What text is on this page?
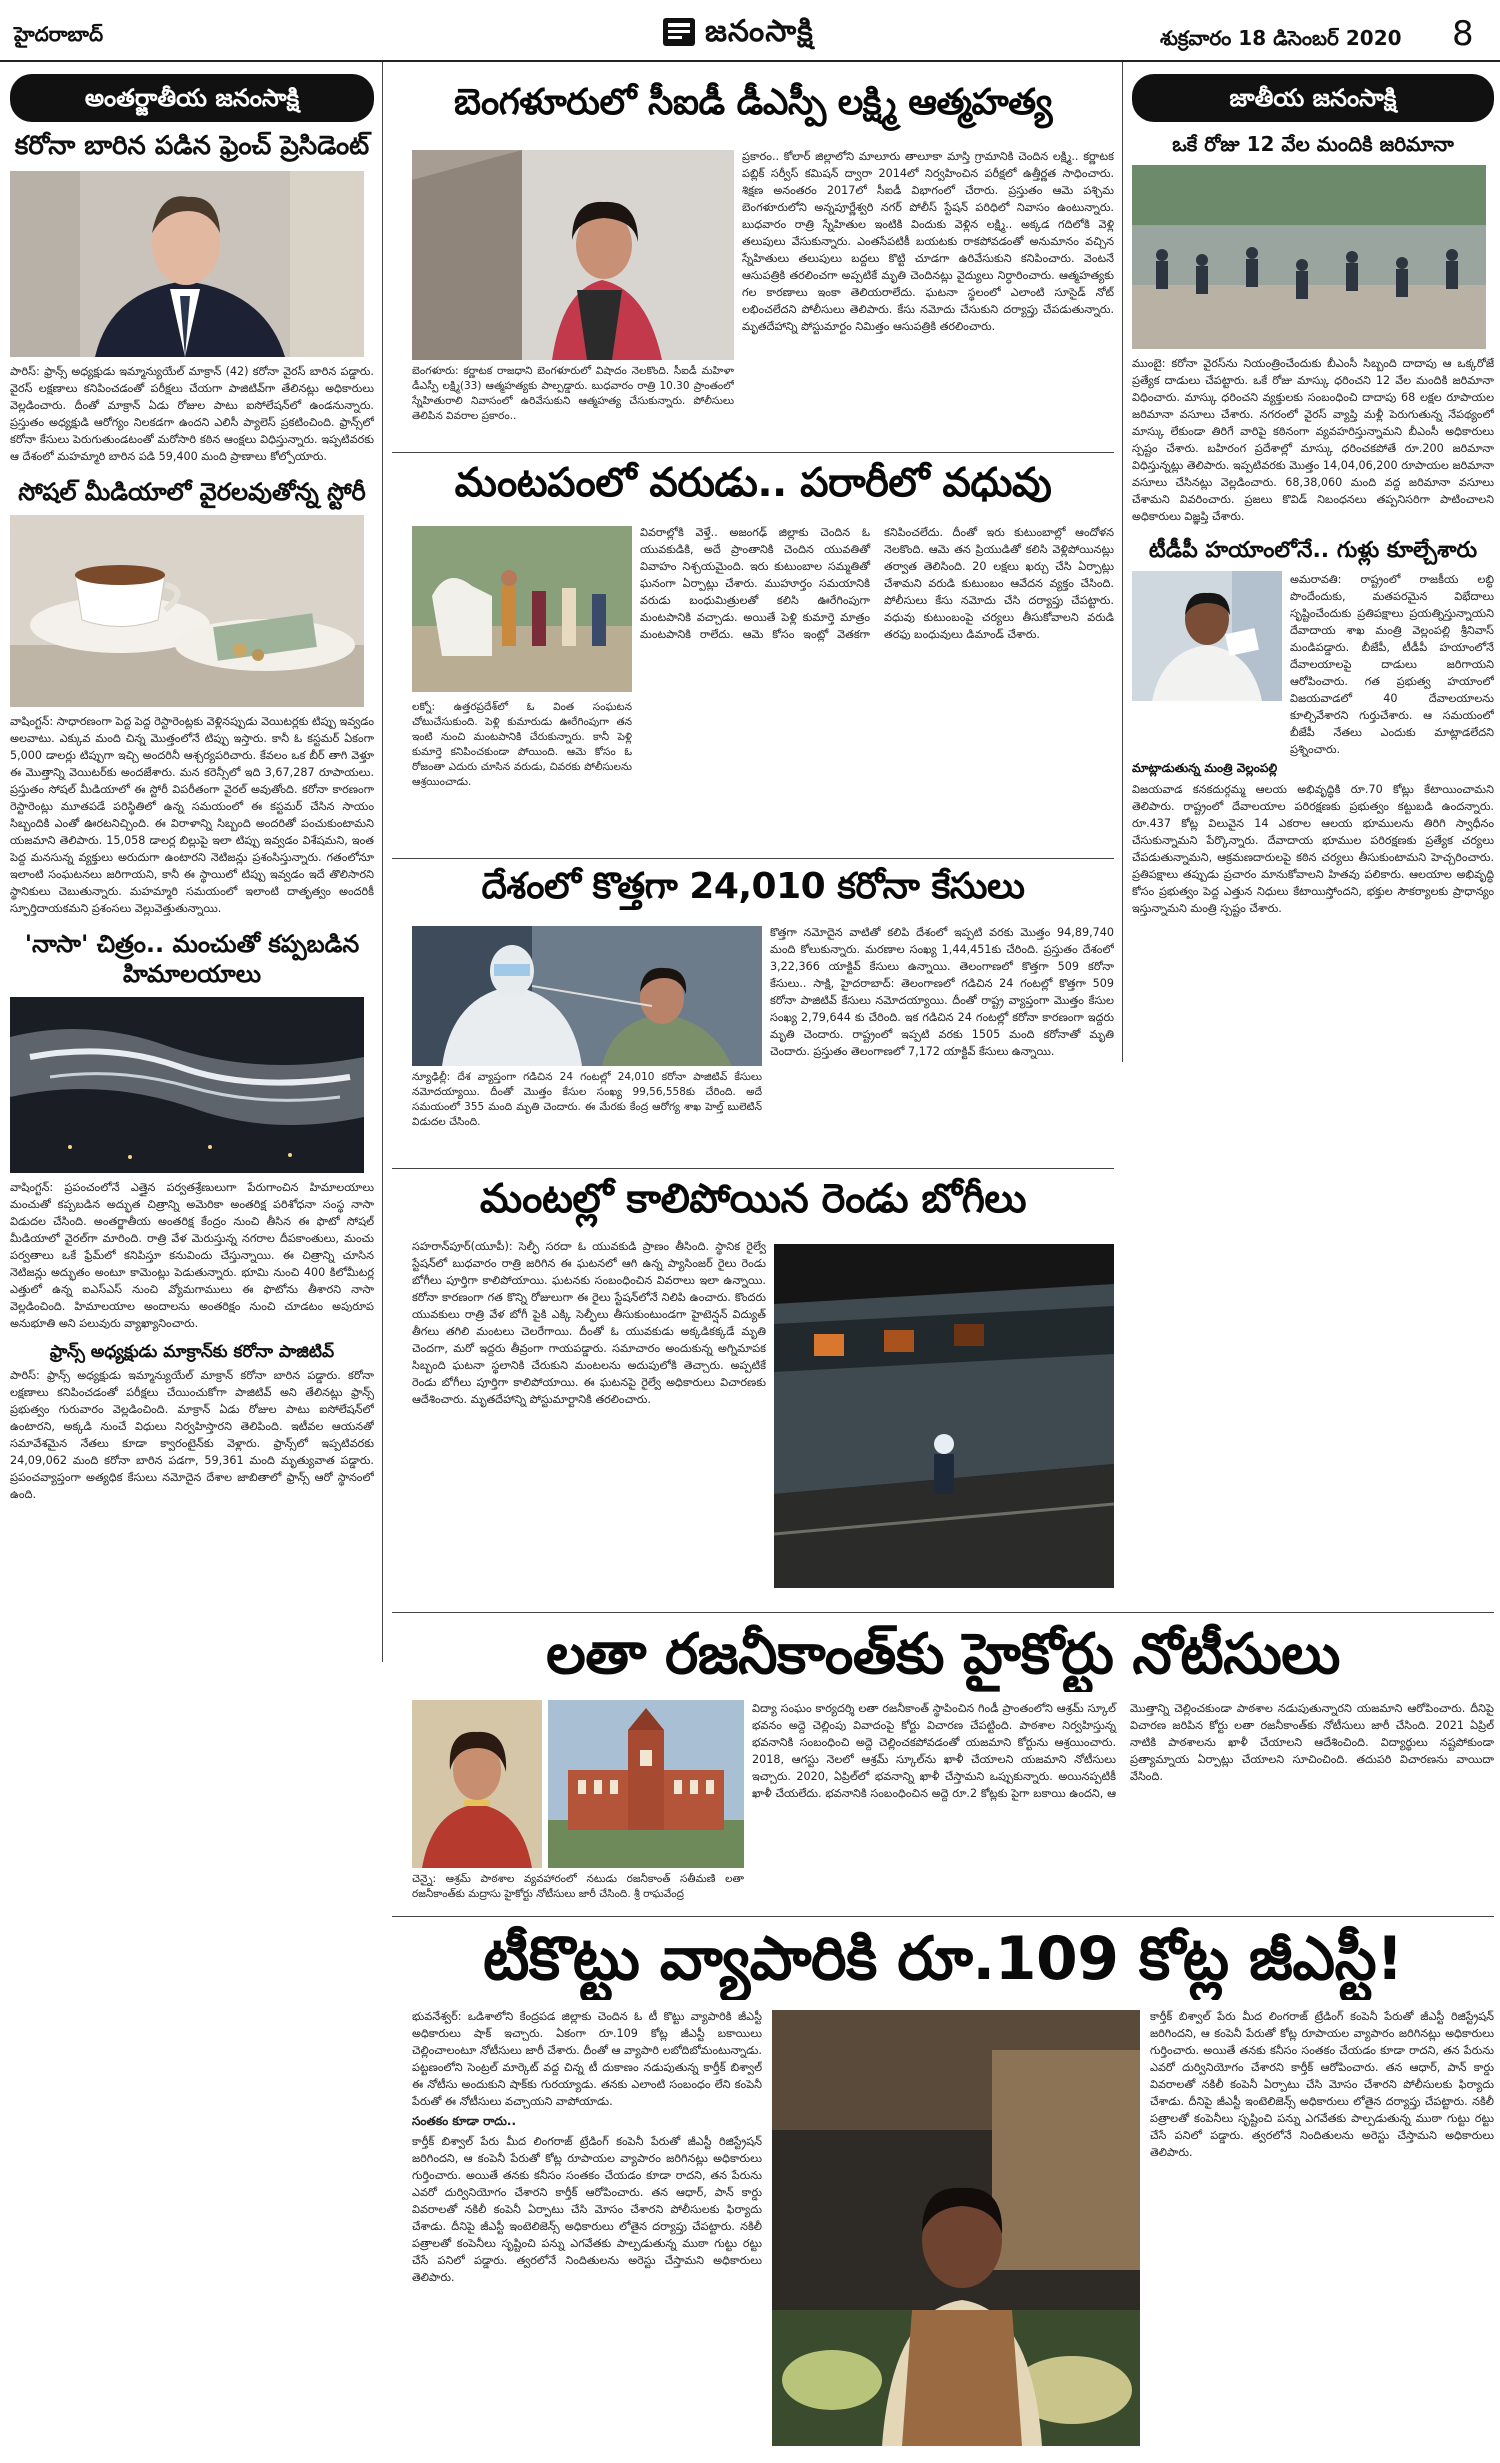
హైదరాబాద్	జనంసాక్షి	శుక్రవారం 18 డిసెంబర్ 2020 8
అంతర్జాతీయ జనంసాక్షి
కరోనా బారిన పడిన ఫ్రెంచ్ ప్రెసిడెంట్
పారిస్‌: ఫ్రాన్స్‌ అధ్యక్షుడు ఇమ్మాన్యుయేల్‌ మాక్రాన్‌ (42) కరోనా వైరస్‌ బారిన పడ్డారు. వైరస్‌ లక్షణాలు కనిపించడంతో పరీక్షలు చేయగా పాజిటివ్‌గా తేలినట్లు అధికారులు వెల్లడించారు. దీంతో మాక్రాన్‌ ఏడు రోజుల పాటు ఐసోలేషన్‌లో ఉండనున్నారు. ప్రస్తుతం అధ్యక్షుడి ఆరోగ్యం నిలకడగా ఉందని ఎలిసీ ప్యాలెస్‌ ప్రకటించింది. ఫ్రాన్స్‌లో కరోనా కేసులు పెరుగుతుండటంతో మరోసారి కఠిన ఆంక్షలు విధిస్తున్నారు. ఇప్పటివరకు ఆ దేశంలో మహమ్మారి బారిన పడి 59,400 మంది ప్రాణాలు కోల్పోయారు.
సోషల్ మీడియాలో వైరలవుతోన్న స్టోరీ
వాషింగ్టన్‌: సాధారణంగా పెద్ద పెద్ద రెస్టారెంట్లకు వెళ్లినప్పుడు వెయిటర్లకు టిప్పు ఇవ్వడం అలవాటు. ఎక్కువ మంది చిన్న మొత్తంలోనే టిప్పు ఇస్తారు. కానీ ఓ కస్టమర్‌ ఏకంగా 5,000 డాలర్లు టిప్పుగా ఇచ్చి అందరినీ ఆశ్చర్యపరిచారు. కేవలం ఒక బీర్‌ తాగి వెళ్తూ ఈ మొత్తాన్ని వెయిటర్‌కు అందజేశారు. మన కరెన్సీలో ఇది 3,67,287 రూపాయలు. ప్రస్తుతం సోషల్‌ మీడియాలో ఈ స్టోరీ విపరీతంగా వైరల్‌ అవుతోంది. కరోనా కారణంగా రెస్టారెంట్లు మూతపడే పరిస్థితిలో ఉన్న సమయంలో ఈ కస్టమర్‌ చేసిన సాయం సిబ్బందికి ఎంతో ఊరటనిచ్చింది. ఈ విరాళాన్ని సిబ్బంది అందరితో పంచుకుంటామని యజమాని తెలిపారు. 15,058 డాలర్ల బిల్లుపై ఇలా టిప్పు ఇవ్వడం విశేషమని, ఇంత పెద్ద మనసున్న వ్యక్తులు అరుదుగా ఉంటారని నెటిజన్లు ప్రశంసిస్తున్నారు. గతంలోనూ ఇలాంటి సంఘటనలు జరిగాయని, కానీ ఈ స్థాయిలో టిప్పు ఇవ్వడం ఇదే తొలిసారని స్థానికులు చెబుతున్నారు. మహమ్మారి సమయంలో ఇలాంటి దాతృత్వం అందరికీ స్ఫూర్తిదాయకమని ప్రశంసలు వెల్లువెత్తుతున్నాయి.
'నాసా' చిత్రం.. మంచుతో కప్పబడిన హిమాలయాలు
వాషింగ్టన్‌: ప్రపంచంలోనే ఎత్తైన పర్వతశ్రేణులుగా పేరుగాంచిన హిమాలయాలు మంచుతో కప్పబడిన అద్భుత చిత్రాన్ని అమెరికా అంతరిక్ష పరిశోధనా సంస్థ నాసా విడుదల చేసింది. అంతర్జాతీయ అంతరిక్ష కేంద్రం నుంచి తీసిన ఈ ఫొటో సోషల్‌ మీడియాలో వైరల్‌గా మారింది. రాత్రి వేళ మెరుస్తున్న నగరాల దీపకాంతులు, మంచు పర్వతాలు ఒకే ఫ్రేమ్‌లో కనిపిస్తూ కనువిందు చేస్తున్నాయి. ఈ చిత్రాన్ని చూసిన నెటిజన్లు అద్భుతం అంటూ కామెంట్లు పెడుతున్నారు. భూమి నుంచి 400 కిలోమీటర్ల ఎత్తులో ఉన్న ఐఎస్‌ఎస్‌ నుంచి వ్యోమగాములు ఈ ఫొటోను తీశారని నాసా వెల్లడించింది. హిమాలయాల అందాలను అంతరిక్షం నుంచి చూడటం అపురూప అనుభూతి అని పలువురు వ్యాఖ్యానించారు.
ఫ్రాన్స్ అధ్యక్షుడు మాక్రాన్‌కు కరోనా పాజిటివ్
పారిస్‌: ఫ్రాన్స్‌ అధ్యక్షుడు ఇమ్మాన్యుయేల్‌ మాక్రాన్‌ కరోనా బారిన పడ్డారు. కరోనా లక్షణాలు కనిపించడంతో పరీక్షలు చేయించుకోగా పాజిటివ్‌ అని తేలినట్లు ఫ్రాన్స్‌ ప్రభుత్వం గురువారం వెల్లడించింది. మాక్రాన్‌ ఏడు రోజుల పాటు ఐసోలేషన్‌లో ఉంటారని, అక్కడి నుంచే విధులు నిర్వహిస్తారని తెలిపింది. ఇటీవల ఆయనతో సమావేశమైన నేతలు కూడా క్వారంటైన్‌కు వెళ్లారు. ఫ్రాన్స్‌లో ఇప్పటివరకు 24,09,062 మంది కరోనా బారిన పడగా, 59,361 మంది మృత్యువాత పడ్డారు. ప్రపంచవ్యాప్తంగా అత్యధిక కేసులు నమోదైన దేశాల జాబితాలో ఫ్రాన్స్‌ ఆరో స్థానంలో ఉంది.
బెంగళూరులో సీఐడీ డీఎస్పీ లక్ష్మి ఆత్మహత్య
బెంగళూరు: కర్ణాటక రాజధాని బెంగళూరులో విషాదం నెలకొంది. సీఐడీ మహిళా డీఎస్పీ లక్ష్మి(33) ఆత్మహత్యకు పాల్పడ్డారు. బుధవారం రాత్రి 10.30 ప్రాంతంలో స్నేహితురాలి నివాసంలో ఉరివేసుకుని ఆత్మహత్య చేసుకున్నారు. పోలీసులు తెలిపిన వివరాల ప్రకారం..
ప్రకారం.. కోలార్‌ జిల్లాలోని మాలూరు తాలూకా మాస్తి గ్రామానికి చెందిన లక్ష్మి.. కర్ణాటక పబ్లిక్‌ సర్వీస్‌ కమిషన్‌ ద్వారా 2014లో నిర్వహించిన పరీక్షలో ఉత్తీర్ణత సాధించారు. శిక్షణ అనంతరం 2017లో సీఐడీ విభాగంలో చేరారు. ప్రస్తుతం ఆమె పశ్చిమ బెంగళూరులోని అన్నపూర్ణేశ్వరి నగర్‌ పోలీస్‌ స్టేషన్‌ పరిధిలో నివాసం ఉంటున్నారు. బుధవారం రాత్రి స్నేహితుల ఇంటికి విందుకు వెళ్లిన లక్ష్మి.. అక్కడ గదిలోకి వెళ్లి తలుపులు వేసుకున్నారు. ఎంతసేపటికీ బయటకు రాకపోవడంతో అనుమానం వచ్చిన స్నేహితులు తలుపులు బద్దలు కొట్టి చూడగా ఉరివేసుకుని కనిపించారు. వెంటనే ఆసుపత్రికి తరలించగా అప్పటికే మృతి చెందినట్లు వైద్యులు నిర్ధారించారు. ఆత్మహత్యకు గల కారణాలు ఇంకా తెలియరాలేదు. ఘటనా స్థలంలో ఎలాంటి సూసైడ్‌ నోట్‌ లభించలేదని పోలీసులు తెలిపారు. కేసు నమోదు చేసుకుని దర్యాప్తు చేపడుతున్నారు. మృతదేహాన్ని పోస్టుమార్టం నిమిత్తం ఆసుపత్రికి తరలించారు.
మంటపంలో వరుడు.. పరారీలో వధువు
లక్నో: ఉత్తరప్రదేశ్‌లో ఓ వింత సంఘటన చోటుచేసుకుంది. పెళ్లి కుమారుడు ఊరేగింపుగా తన ఇంటి నుంచి మంటపానికి చేరుకున్నారు. కానీ పెళ్లి కుమార్తె కనిపించకుండా పోయింది. ఆమె కోసం ఓ రోజంతా ఎదురు చూసిన వరుడు, చివరకు పోలీసులను ఆశ్రయించాడు.
వివరాల్లోకి వెళ్తే.. అజంగఢ్‌ జిల్లాకు చెందిన ఓ యువకుడికి, అదే ప్రాంతానికి చెందిన యువతితో వివాహం నిశ్చయమైంది. ఇరు కుటుంబాల సమ్మతితో ఘనంగా ఏర్పాట్లు చేశారు. ముహూర్తం సమయానికి వరుడు బంధుమిత్రులతో కలిసి ఊరేగింపుగా మంటపానికి వచ్చాడు. అయితే పెళ్లి కుమార్తె మాత్రం మంటపానికి రాలేదు. ఆమె కోసం ఇంట్లో వెతకగా కనిపించలేదు. దీంతో ఇరు కుటుంబాల్లో ఆందోళన నెలకొంది. ఆమె తన ప్రియుడితో కలిసి వెళ్లిపోయినట్లు తర్వాత తెలిసింది. 20 లక్షలు ఖర్చు చేసి ఏర్పాట్లు చేశామని వరుడి కుటుంబం ఆవేదన వ్యక్తం చేసింది. పోలీసులు కేసు నమోదు చేసి దర్యాప్తు చేపట్టారు. వధువు కుటుంబంపై చర్యలు తీసుకోవాలని వరుడి తరఫు బంధువులు డిమాండ్‌ చేశారు.
దేశంలో కొత్తగా 24,010 కరోనా కేసులు
న్యూఢిల్లీ: దేశ వ్యాప్తంగా గడిచిన 24 గంటల్లో 24,010 కరోనా పాజిటివ్‌ కేసులు నమోదయ్యాయి. దీంతో మొత్తం కేసుల సంఖ్య 99,56,558కు చేరింది. అదే సమయంలో 355 మంది మృతి చెందారు. ఈ మేరకు కేంద్ర ఆరోగ్య శాఖ హెల్త్‌ బులెటిన్‌ విడుదల చేసింది.
కొత్తగా నమోదైన వాటితో కలిపి దేశంలో ఇప్పటి వరకు మొత్తం 94,89,740 మంది కోలుకున్నారు. మరణాల సంఖ్య 1,44,451కు చేరింది. ప్రస్తుతం దేశంలో 3,22,366 యాక్టివ్‌ కేసులు ఉన్నాయి. తెలంగాణలో కొత్తగా 509 కరోనా కేసులు.. సాక్షి, హైదరాబాద్‌: తెలంగాణలో గడిచిన 24 గంటల్లో కొత్తగా 509 కరోనా పాజిటివ్‌ కేసులు నమోదయ్యాయి. దీంతో రాష్ట్ర వ్యాప్తంగా మొత్తం కేసుల సంఖ్య 2,79,644 కు చేరింది. ఇక గడిచిన 24 గంటల్లో కరోనా కారణంగా ఇద్దరు మృతి చెందారు. రాష్ట్రంలో ఇప్పటి వరకు 1505 మంది కరోనాతో మృతి చెందారు. ప్రస్తుతం తెలంగాణలో 7,172 యాక్టివ్‌ కేసులు ఉన్నాయి.
మంటల్లో కాలిపోయిన రెండు బోగీలు
సహరాన్‌పూర్‌(యూపీ): సెల్ఫీ సరదా ఓ యువకుడి ప్రాణం తీసింది. స్థానిక రైల్వే స్టేషన్‌లో బుధవారం రాత్రి జరిగిన ఈ ఘటనలో ఆగి ఉన్న ప్యాసింజర్‌ రైలు రెండు బోగీలు పూర్తిగా కాలిపోయాయి. ఘటనకు సంబంధించిన వివరాలు ఇలా ఉన్నాయి. కరోనా కారణంగా గత కొన్ని రోజులుగా ఈ రైలు స్టేషన్‌లోనే నిలిపి ఉంచారు. కొందరు యువకులు రాత్రి వేళ బోగీ పైకి ఎక్కి సెల్ఫీలు తీసుకుంటుండగా హైటెన్షన్‌ విద్యుత్‌ తీగలు తగిలి మంటలు చెలరేగాయి. దీంతో ఓ యువకుడు అక్కడికక్కడే మృతి చెందగా, మరో ఇద్దరు తీవ్రంగా గాయపడ్డారు. సమాచారం అందుకున్న అగ్నిమాపక సిబ్బంది ఘటనా స్థలానికి చేరుకుని మంటలను అదుపులోకి తెచ్చారు. అప్పటికే రెండు బోగీలు పూర్తిగా కాలిపోయాయి. ఈ ఘటనపై రైల్వే అధికారులు విచారణకు ఆదేశించారు. మృతదేహాన్ని పోస్టుమార్టానికి తరలించారు.
జాతీయ జనంసాక్షి
ఒకే రోజు 12 వేల మందికి జరిమానా
ముంబై: కరోనా వైరస్‌ను నియంత్రించేందుకు బీఎంసీ సిబ్బంది దాదాపు ఆ ఒక్కరోజే ప్రత్యేక దాడులు చేపట్టారు. ఒకే రోజు మాస్కు ధరించని 12 వేల మందికి జరిమానా విధించారు. మాస్కు ధరించని వ్యక్తులకు సంబంధించి దాదాపు 68 లక్షల రూపాయల జరిమానా వసూలు చేశారు. నగరంలో వైరస్‌ వ్యాప్తి మళ్లీ పెరుగుతున్న నేపథ్యంలో మాస్కు లేకుండా తిరిగే వారిపై కఠినంగా వ్యవహరిస్తున్నామని బీఎంసీ అధికారులు స్పష్టం చేశారు. బహిరంగ ప్రదేశాల్లో మాస్కు ధరించకపోతే రూ.200 జరిమానా విధిస్తున్నట్లు తెలిపారు. ఇప్పటివరకు మొత్తం 14,04,06,200 రూపాయల జరిమానా వసూలు చేసినట్లు వెల్లడించారు. 68,38,060 మంది వద్ద జరిమానా వసూలు చేశామని వివరించారు. ప్రజలు కొవిడ్‌ నిబంధనలు తప్పనిసరిగా పాటించాలని అధికారులు విజ్ఞప్తి చేశారు.
టీడీపీ హయాంలోనే.. గుళ్లు కూల్చేశారు
అమరావతి: రాష్ట్రంలో రాజకీయ లబ్ధి పొందేందుకు, మతపరమైన విభేదాలు సృష్టించేందుకు ప్రతిపక్షాలు ప్రయత్నిస్తున్నాయని దేవాదాయ శాఖ మంత్రి వెల్లంపల్లి శ్రీనివాస్‌ మండిపడ్డారు. బీజేపీ, టీడీపీ హయాంలోనే దేవాలయాలపై దాడులు జరిగాయని ఆరోపించారు. గత ప్రభుత్వ హయాంలో విజయవాడలో 40 దేవాలయాలను కూల్చివేశారని గుర్తుచేశారు. ఆ సమయంలో బీజేపీ నేతలు ఎందుకు మాట్లాడలేదని ప్రశ్నించారు.
మాట్లాడుతున్న మంత్రి వెల్లంపల్లి
విజయవాడ కనకదుర్గమ్మ ఆలయ అభివృద్ధికి రూ.70 కోట్లు కేటాయించామని తెలిపారు. రాష్ట్రంలో దేవాలయాల పరిరక్షణకు ప్రభుత్వం కట్టుబడి ఉందన్నారు. రూ.437 కోట్ల విలువైన 14 ఎకరాల ఆలయ భూములను తిరిగి స్వాధీనం చేసుకున్నామని పేర్కొన్నారు. దేవాదాయ భూముల పరిరక్షణకు ప్రత్యేక చర్యలు చేపడుతున్నామని, ఆక్రమణదారులపై కఠిన చర్యలు తీసుకుంటామని హెచ్చరించారు. ప్రతిపక్షాలు తప్పుడు ప్రచారం మానుకోవాలని హితవు పలికారు. ఆలయాల అభివృద్ధి కోసం ప్రభుత్వం పెద్ద ఎత్తున నిధులు కేటాయిస్తోందని, భక్తుల సౌకర్యాలకు ప్రాధాన్యం ఇస్తున్నామని మంత్రి స్పష్టం చేశారు.
లతా రజనీకాంత్‌కు హైకోర్టు నోటీసులు
చెన్నై: ఆశ్రమ్ పాఠశాల వ్యవహారంలో నటుడు రజనీకాంత్‌ సతీమణి లతా రజనీకాంత్‌కు మద్రాసు హైకోర్టు నోటీసులు జారీ చేసింది. శ్రీ రాఘవేంద్ర
విద్యా సంఘం కార్యదర్శి లతా రజనీకాంత్‌ స్థాపించిన గిండీ ప్రాంతంలోని ఆశ్రమ్‌ స్కూల్‌ భవనం అద్దె చెల్లింపు వివాదంపై కోర్టు విచారణ చేపట్టింది. పాఠశాల నిర్వహిస్తున్న భవనానికి సంబంధించి అద్దె చెల్లించకపోవడంతో యజమాని కోర్టును ఆశ్రయించారు. 2018, ఆగస్టు నెలలో ఆశ్రమ్‌ స్కూల్‌ను ఖాళీ చేయాలని యజమాని నోటీసులు ఇచ్చారు. 2020, ఏప్రిల్‌లో భవనాన్ని ఖాళీ చేస్తామని ఒప్పుకున్నారు. అయినప్పటికీ ఖాళీ చేయలేదు. భవనానికి సంబంధించిన అద్దె రూ.2 కోట్లకు పైగా బకాయి ఉందని, ఆ మొత్తాన్ని చెల్లించకుండా పాఠశాల నడుపుతున్నారని యజమాని ఆరోపించారు. దీనిపై విచారణ జరిపిన కోర్టు లతా రజనీకాంత్‌కు నోటీసులు జారీ చేసింది. 2021 ఏప్రిల్‌ నాటికి పాఠశాలను ఖాళీ చేయాలని ఆదేశించింది. విద్యార్థులు నష్టపోకుండా ప్రత్యామ్నాయ ఏర్పాట్లు చేయాలని సూచించింది. తదుపరి విచారణను వాయిదా వేసింది.
టీకొట్టు వ్యాపారికి రూ.109 కోట్ల జీఎస్టీ!
భువనేశ్వర్‌: ఒడిశాలోని కేంద్రపడ జిల్లాకు చెందిన ఓ టీ కొట్టు వ్యాపారికి జీఎస్టీ అధికారులు షాక్‌ ఇచ్చారు. ఏకంగా రూ.109 కోట్ల జీఎస్టీ బకాయిలు చెల్లించాలంటూ నోటీసులు జారీ చేశారు. దీంతో ఆ వ్యాపారి లబోదిబోమంటున్నాడు. పట్టణంలోని సెంట్రల్‌ మార్కెట్‌ వద్ద చిన్న టీ దుకాణం నడుపుతున్న కార్తీక్‌ బిశ్వాల్‌ ఈ నోటీసు అందుకుని షాక్‌కు గురయ్యాడు. తనకు ఎలాంటి సంబంధం లేని కంపెనీ పేరుతో ఈ నోటీసులు వచ్చాయని వాపోయాడు.
సంతకం కూడా రాదు..
కార్తీక్‌ బిశ్వాల్‌ పేరు మీద లింగరాజ్‌ ట్రేడింగ్‌ కంపెనీ పేరుతో జీఎస్టీ రిజిస్ట్రేషన్‌ జరిగిందని, ఆ కంపెనీ పేరుతో కోట్ల రూపాయల వ్యాపారం జరిగినట్లు అధికారులు గుర్తించారు. అయితే తనకు కనీసం సంతకం చేయడం కూడా రాదని, తన పేరును ఎవరో దుర్వినియోగం చేశారని కార్తీక్‌ ఆరోపించారు. తన ఆధార్‌, పాన్‌ కార్డు వివరాలతో నకిలీ కంపెనీ ఏర్పాటు చేసి మోసం చేశారని పోలీసులకు ఫిర్యాదు చేశాడు. దీనిపై జీఎస్టీ ఇంటెలిజెన్స్‌ అధికారులు లోతైన దర్యాప్తు చేపట్టారు. నకిలీ పత్రాలతో కంపెనీలు సృష్టించి పన్ను ఎగవేతకు పాల్పడుతున్న ముఠా గుట్టు రట్టు చేసే పనిలో పడ్డారు. త్వరలోనే నిందితులను అరెస్టు చేస్తామని అధికారులు తెలిపారు.
కార్తీక్‌ బిశ్వాల్‌ పేరు మీద లింగరాజ్‌ ట్రేడింగ్‌ కంపెనీ పేరుతో జీఎస్టీ రిజిస్ట్రేషన్‌ జరిగిందని, ఆ కంపెనీ పేరుతో కోట్ల రూపాయల వ్యాపారం జరిగినట్లు అధికారులు గుర్తించారు. అయితే తనకు కనీసం సంతకం చేయడం కూడా రాదని, తన పేరును ఎవరో దుర్వినియోగం చేశారని కార్తీక్‌ ఆరోపించారు. తన ఆధార్‌, పాన్‌ కార్డు వివరాలతో నకిలీ కంపెనీ ఏర్పాటు చేసి మోసం చేశారని పోలీసులకు ఫిర్యాదు చేశాడు. దీనిపై జీఎస్టీ ఇంటెలిజెన్స్‌ అధికారులు లోతైన దర్యాప్తు చేపట్టారు. నకిలీ పత్రాలతో కంపెనీలు సృష్టించి పన్ను ఎగవేతకు పాల్పడుతున్న ముఠా గుట్టు రట్టు చేసే పనిలో పడ్డారు. త్వరలోనే నిందితులను అరెస్టు చేస్తామని అధికారులు తెలిపారు.
